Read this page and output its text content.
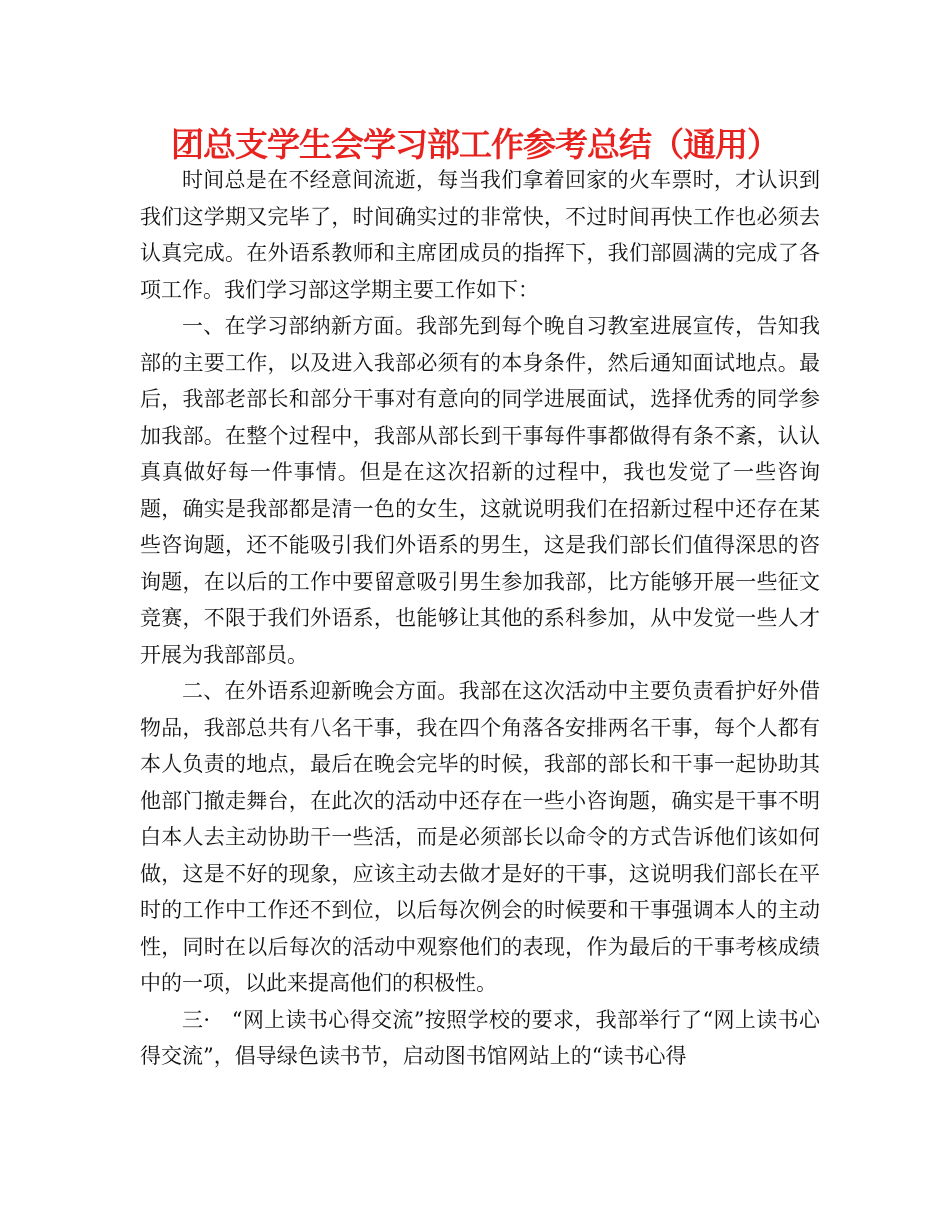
团总支学生会学习部工作参考总结（通用）

时间总是在不经意间流逝，每当我们拿着回家的火车票时，才认识到我们这学期又完毕了，时间确实过的非常快，不过时间再快工作也必须去认真完成。在外语系教师和主席团成员的指挥下，我们部圆满的完成了各项工作。我们学习部这学期主要工作如下：

一、在学习部纳新方面。我部先到每个晚自习教室进展宣传，告知我部的主要工作，以及进入我部必须有的本身条件，然后通知面试地点。最后，我部老部长和部分干事对有意向的同学进展面试，选择优秀的同学参加我部。在整个过程中，我部从部长到干事每件事都做得有条不紊，认认真真做好每一件事情。但是在这次招新的过程中，我也发觉了一些咨询题，确实是我部都是清一色的女生，这就说明我们在招新过程中还存在某些咨询题，还不能吸引我们外语系的男生，这是我们部长们值得深思的咨询题，在以后的工作中要留意吸引男生参加我部，比方能够开展一些征文竞赛，不限于我们外语系，也能够让其他的系科参加，从中发觉一些人才开展为我部部员。

二、在外语系迎新晚会方面。我部在这次活动中主要负责看护好外借物品，我部总共有八名干事，我在四个角落各安排两名干事，每个人都有本人负责的地点，最后在晚会完毕的时候，我部的部长和干事一起协助其他部门撤走舞台，在此次的活动中还存在一些小咨询题，确实是干事不明白本人去主动协助干一些活，而是必须部长以命令的方式告诉他们该如何做，这是不好的现象，应该主动去做才是好的干事，这说明我们部长在平时的工作中工作还不到位，以后每次例会的时候要和干事强调本人的主动性，同时在以后每次的活动中观察他们的表现，作为最后的干事考核成绩中的一项，以此来提高他们的积极性。

三·　“网上读书心得交流”按照学校的要求，我部举行了“网上读书心得交流”，倡导绿色读书节，启动图书馆网站上的“读书心得
